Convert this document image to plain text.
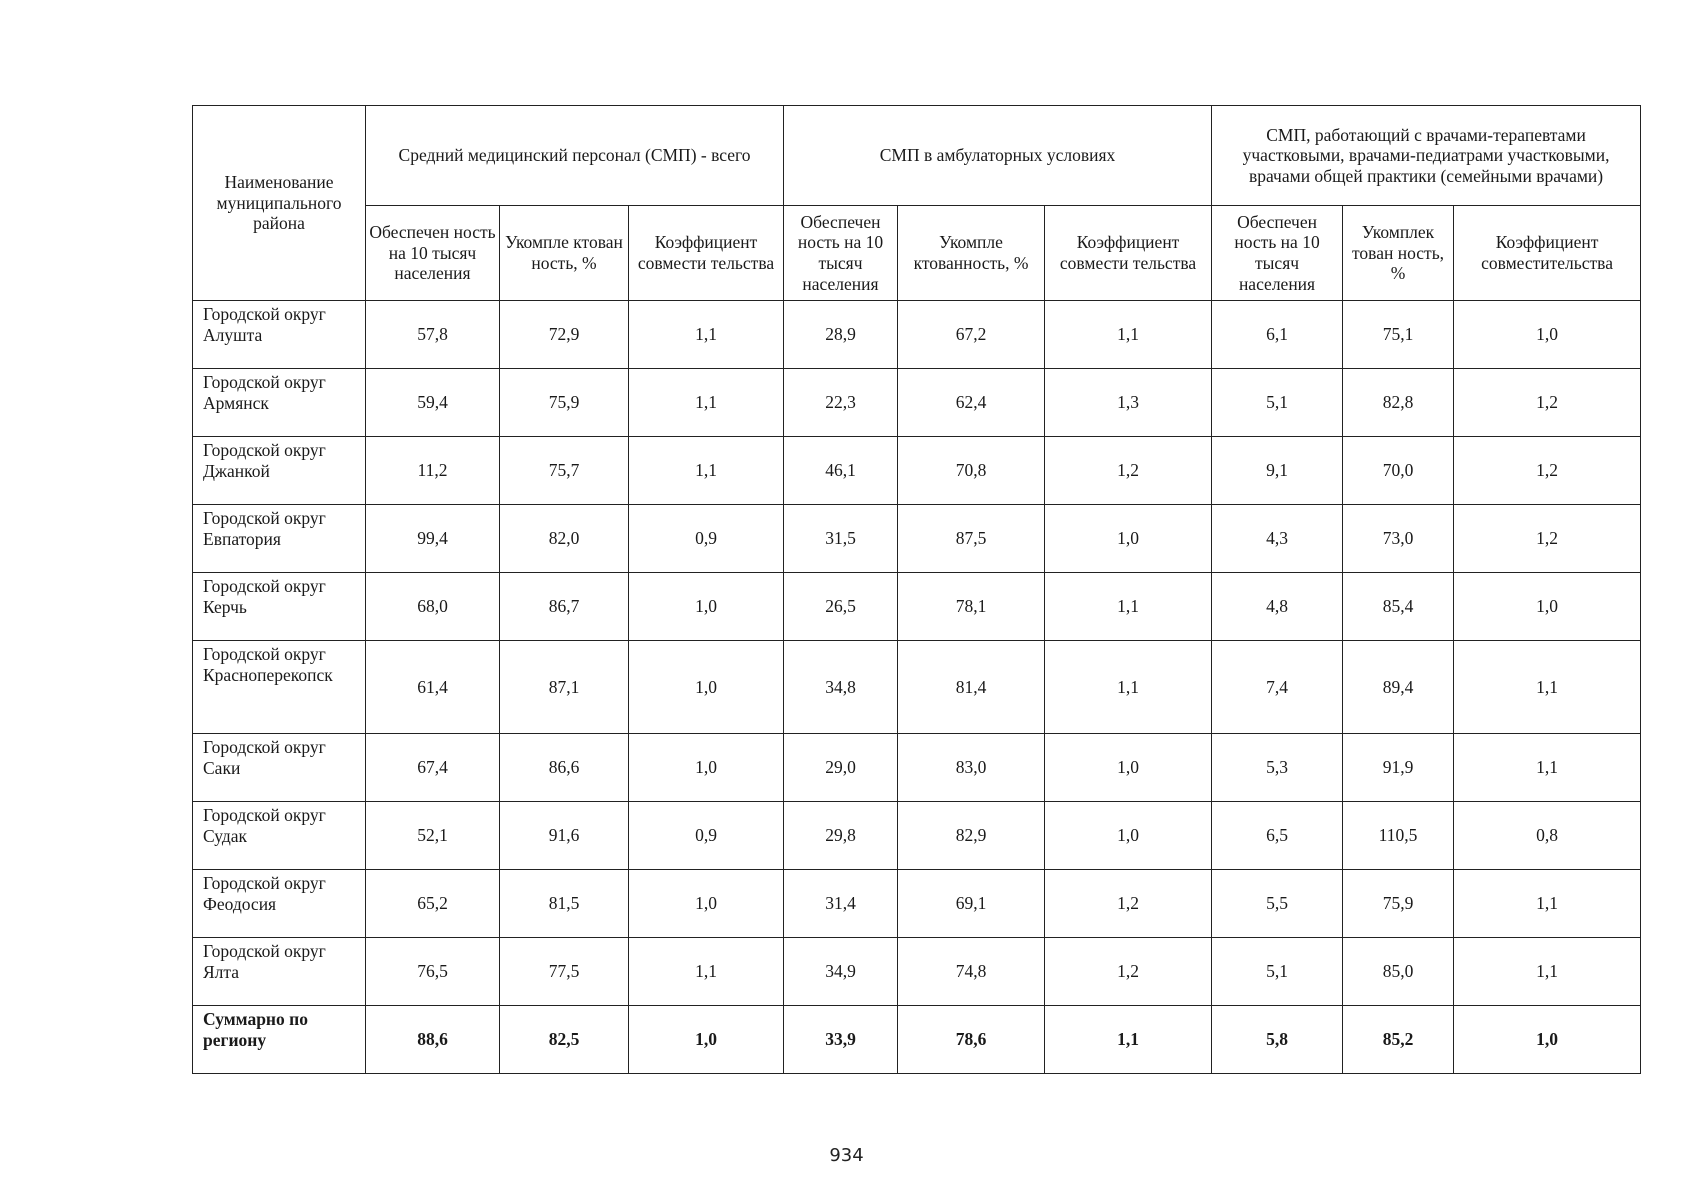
Наименование муниципального района	Средний медицинский персонал (СМП) - всего			СМП в амбулаторных условиях			СМП, работающий с врачами-терапевтами участковыми, врачами-педиатрами участковыми, врачами общей практики (семейными врачами)		
	Обеспечен ность на 10 тысяч населения	Укомпле ктован ность, %	Коэффициент совмести тельства	Обеспечен ность на 10 тысяч населения	Укомпле ктованность, %	Коэффициент совмести тельства	Обеспечен ность на 10 тысяч населения	Укомплек тован ность, %	Коэффициент совместительства
Городской округ Алушта	57,8	72,9	1,1	28,9	67,2	1,1	6,1	75,1	1,0
Городской округ Армянск	59,4	75,9	1,1	22,3	62,4	1,3	5,1	82,8	1,2
Городской округ Джанкой	11,2	75,7	1,1	46,1	70,8	1,2	9,1	70,0	1,2
Городской округ Евпатория	99,4	82,0	0,9	31,5	87,5	1,0	4,3	73,0	1,2
Городской округ Керчь	68,0	86,7	1,0	26,5	78,1	1,1	4,8	85,4	1,0
Городской округ Красноперекопск	61,4	87,1	1,0	34,8	81,4	1,1	7,4	89,4	1,1
Городской округ Саки	67,4	86,6	1,0	29,0	83,0	1,0	5,3	91,9	1,1
Городской округ Судак	52,1	91,6	0,9	29,8	82,9	1,0	6,5	110,5	0,8
Городской округ Феодосия	65,2	81,5	1,0	31,4	69,1	1,2	5,5	75,9	1,1
Городской округ Ялта	76,5	77,5	1,1	34,9	74,8	1,2	5,1	85,0	1,1
Суммарно по региону	88,6	82,5	1,0	33,9	78,6	1,1	5,8	85,2	1,0
934
